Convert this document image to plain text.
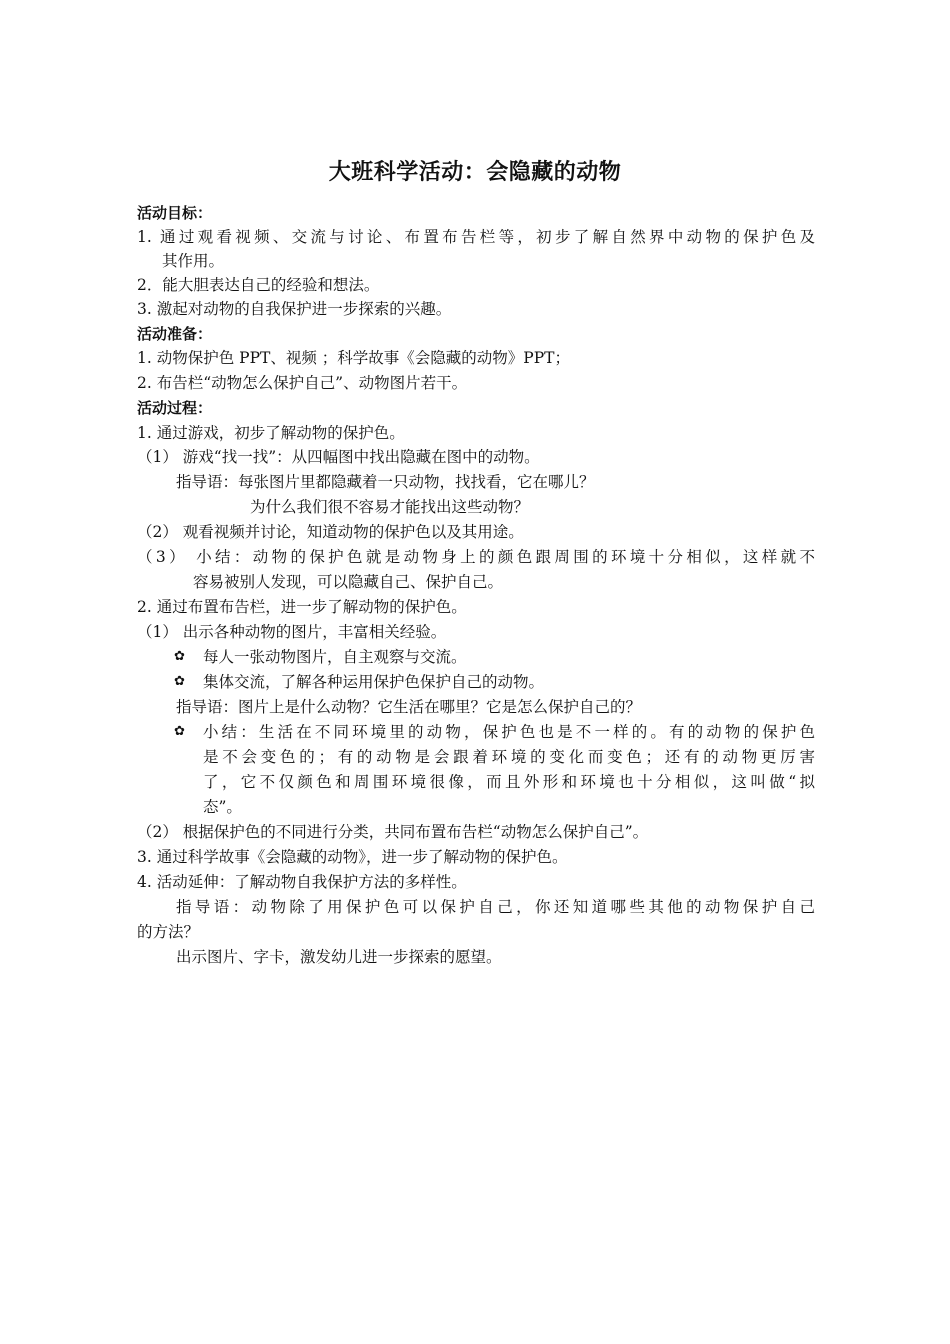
大班科学活动：会隐藏的动物
活动目标：
1. 通过观看视频、交流与讨论、布置布告栏等，初步了解自然界中动物的保护色及
其作用。
2．能大胆表达自己的经验和想法。
3. 激起对动物的自我保护进一步探索的兴趣。
活动准备：
1. 动物保护色 PPT、视频 ；科学故事《会隐藏的动物》PPT；
2. 布告栏“动物怎么保护自己”、动物图片若干。
活动过程：
1. 通过游戏，初步了解动物的保护色。
（1） 游戏“找一找”：从四幅图中找出隐藏在图中的动物。
指导语：每张图片里都隐藏着一只动物，找找看，它在哪儿？
为什么我们很不容易才能找出这些动物？
（2） 观看视频并讨论，知道动物的保护色以及其用途。
（3） 小结：动物的保护色就是动物身上的颜色跟周围的环境十分相似，这样就不
容易被别人发现，可以隐藏自己、保护自己。
2. 通过布置布告栏，进一步了解动物的保护色。
（1） 出示各种动物的图片，丰富相关经验。
✿ 每人一张动物图片，自主观察与交流。
✿ 集体交流，了解各种运用保护色保护自己的动物。
指导语：图片上是什么动物？它生活在哪里？它是怎么保护自己的？
✿ 小结：生活在不同环境里的动物，保护色也是不一样的。有的动物的保护色
是不会变色的；有的动物是会跟着环境的变化而变色；还有的动物更厉害
了，它不仅颜色和周围环境很像，而且外形和环境也十分相似，这叫做“拟
态”。
（2） 根据保护色的不同进行分类，共同布置布告栏“动物怎么保护自己”。
3. 通过科学故事《会隐藏的动物》，进一步了解动物的保护色。
4. 活动延伸：了解动物自我保护方法的多样性。
指导语：动物除了用保护色可以保护自己，你还知道哪些其他的动物保护自己
的方法？
出示图片、字卡，激发幼儿进一步探索的愿望。
